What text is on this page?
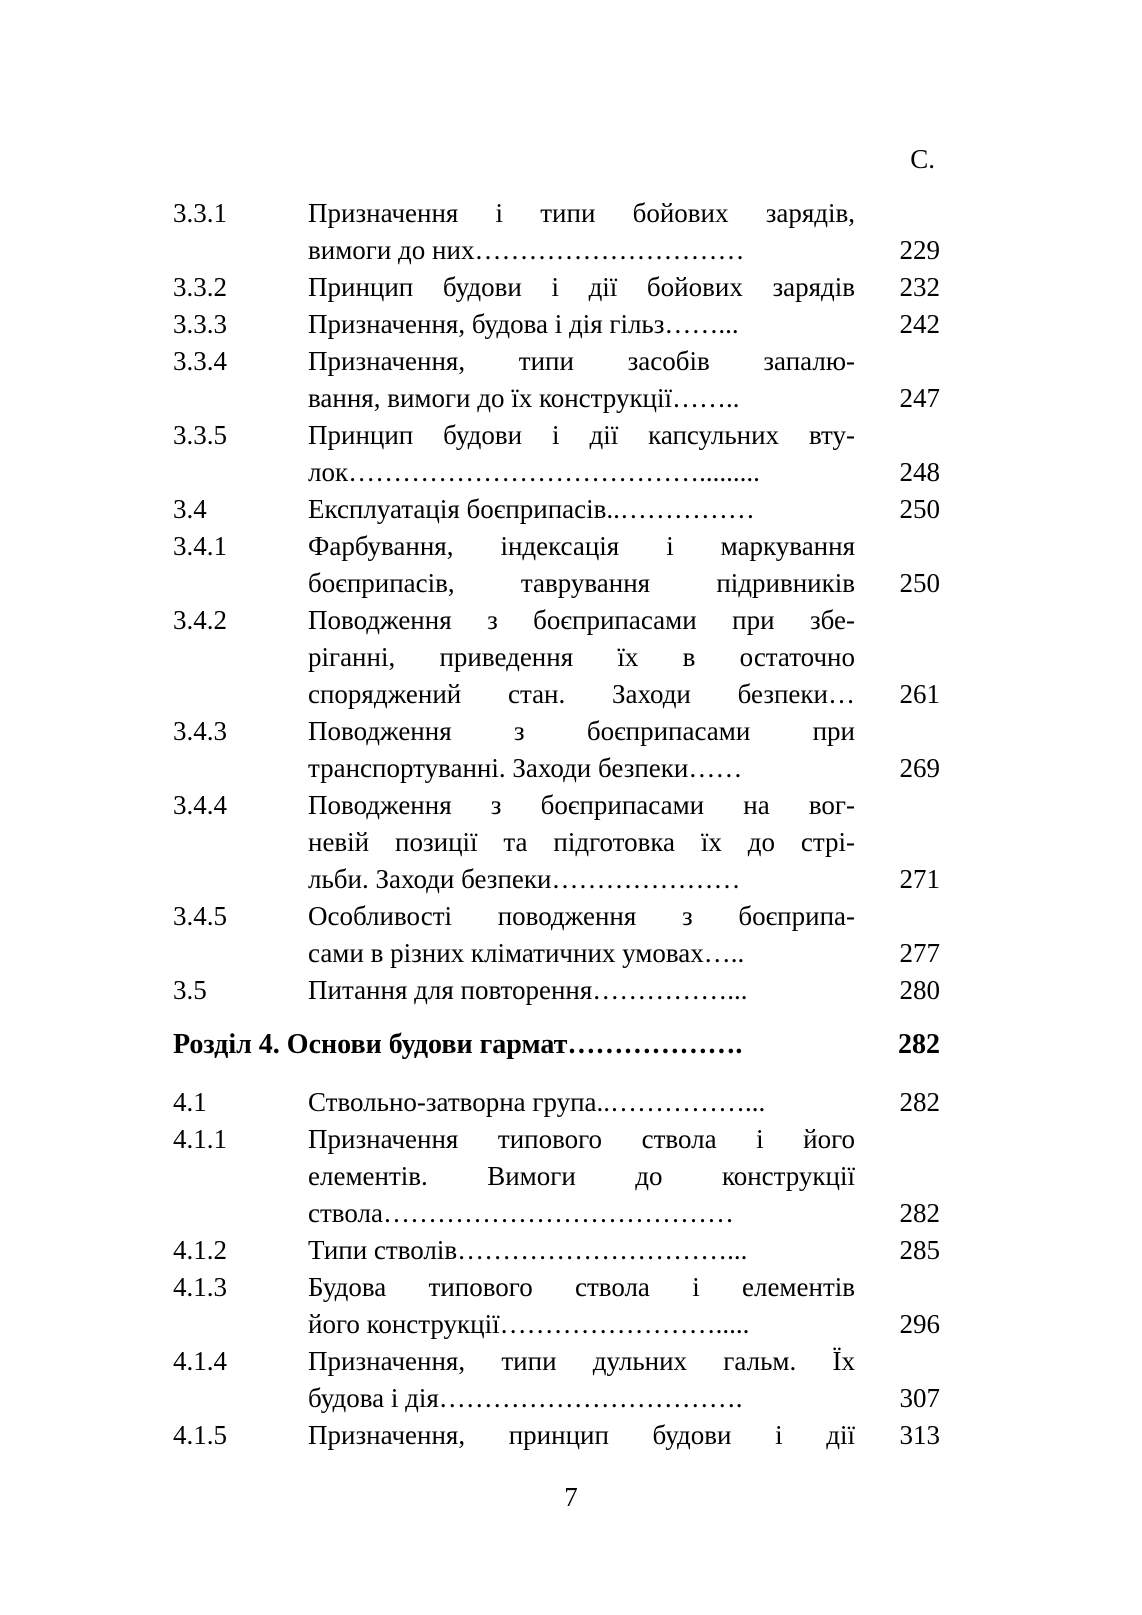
С.
3.3.1	Призначення і типи бойових зарядів,
вимоги до них…………………………	229
3.3.2	Принцип будови і дії бойових зарядів	232
3.3.3	Призначення, будова і дія гільз……...	242
3.3.4	Призначення, типи засобів запалю-
вання, вимоги до їх конструкції……..	247
3.3.5	Принцип будови і дії капсульних вту-
лок………………………………….........	248
3.4	Експлуатація боєприпасів..……………	250
3.4.1	Фарбування, індексація і маркування
боєприпасів, таврування підривників	250
3.4.2	Поводження з боєприпасами при збе-
ріганні, приведення їх в остаточно
споряджений стан. Заходи безпеки…	261
3.4.3	Поводження з боєприпасами при
транспортуванні. Заходи безпеки……	269
3.4.4	Поводження з боєприпасами на вог-
невій позиції та підготовка їх до стрі-
льби. Заходи безпеки…………………	271
3.4.5	Особливості поводження з боєприпа-
сами в різних кліматичних умовах…..	277
3.5	Питання для повторення……………...	280
Розділ 4. Основи будови гармат……………….	282
4.1	Ствольно-затворна група..……………...	282
4.1.1	Призначення типового ствола і його
елементів. Вимоги до конструкції
ствола…………………………………	282
4.1.2	Типи стволів…………………………...	285
4.1.3	Будова типового ствола і елементів
його конструкції…………………….....	296
4.1.4	Призначення, типи дульних гальм. Їх
будова і дія…………………………….	307
4.1.5	Призначення, принцип будови і дії	313
7
